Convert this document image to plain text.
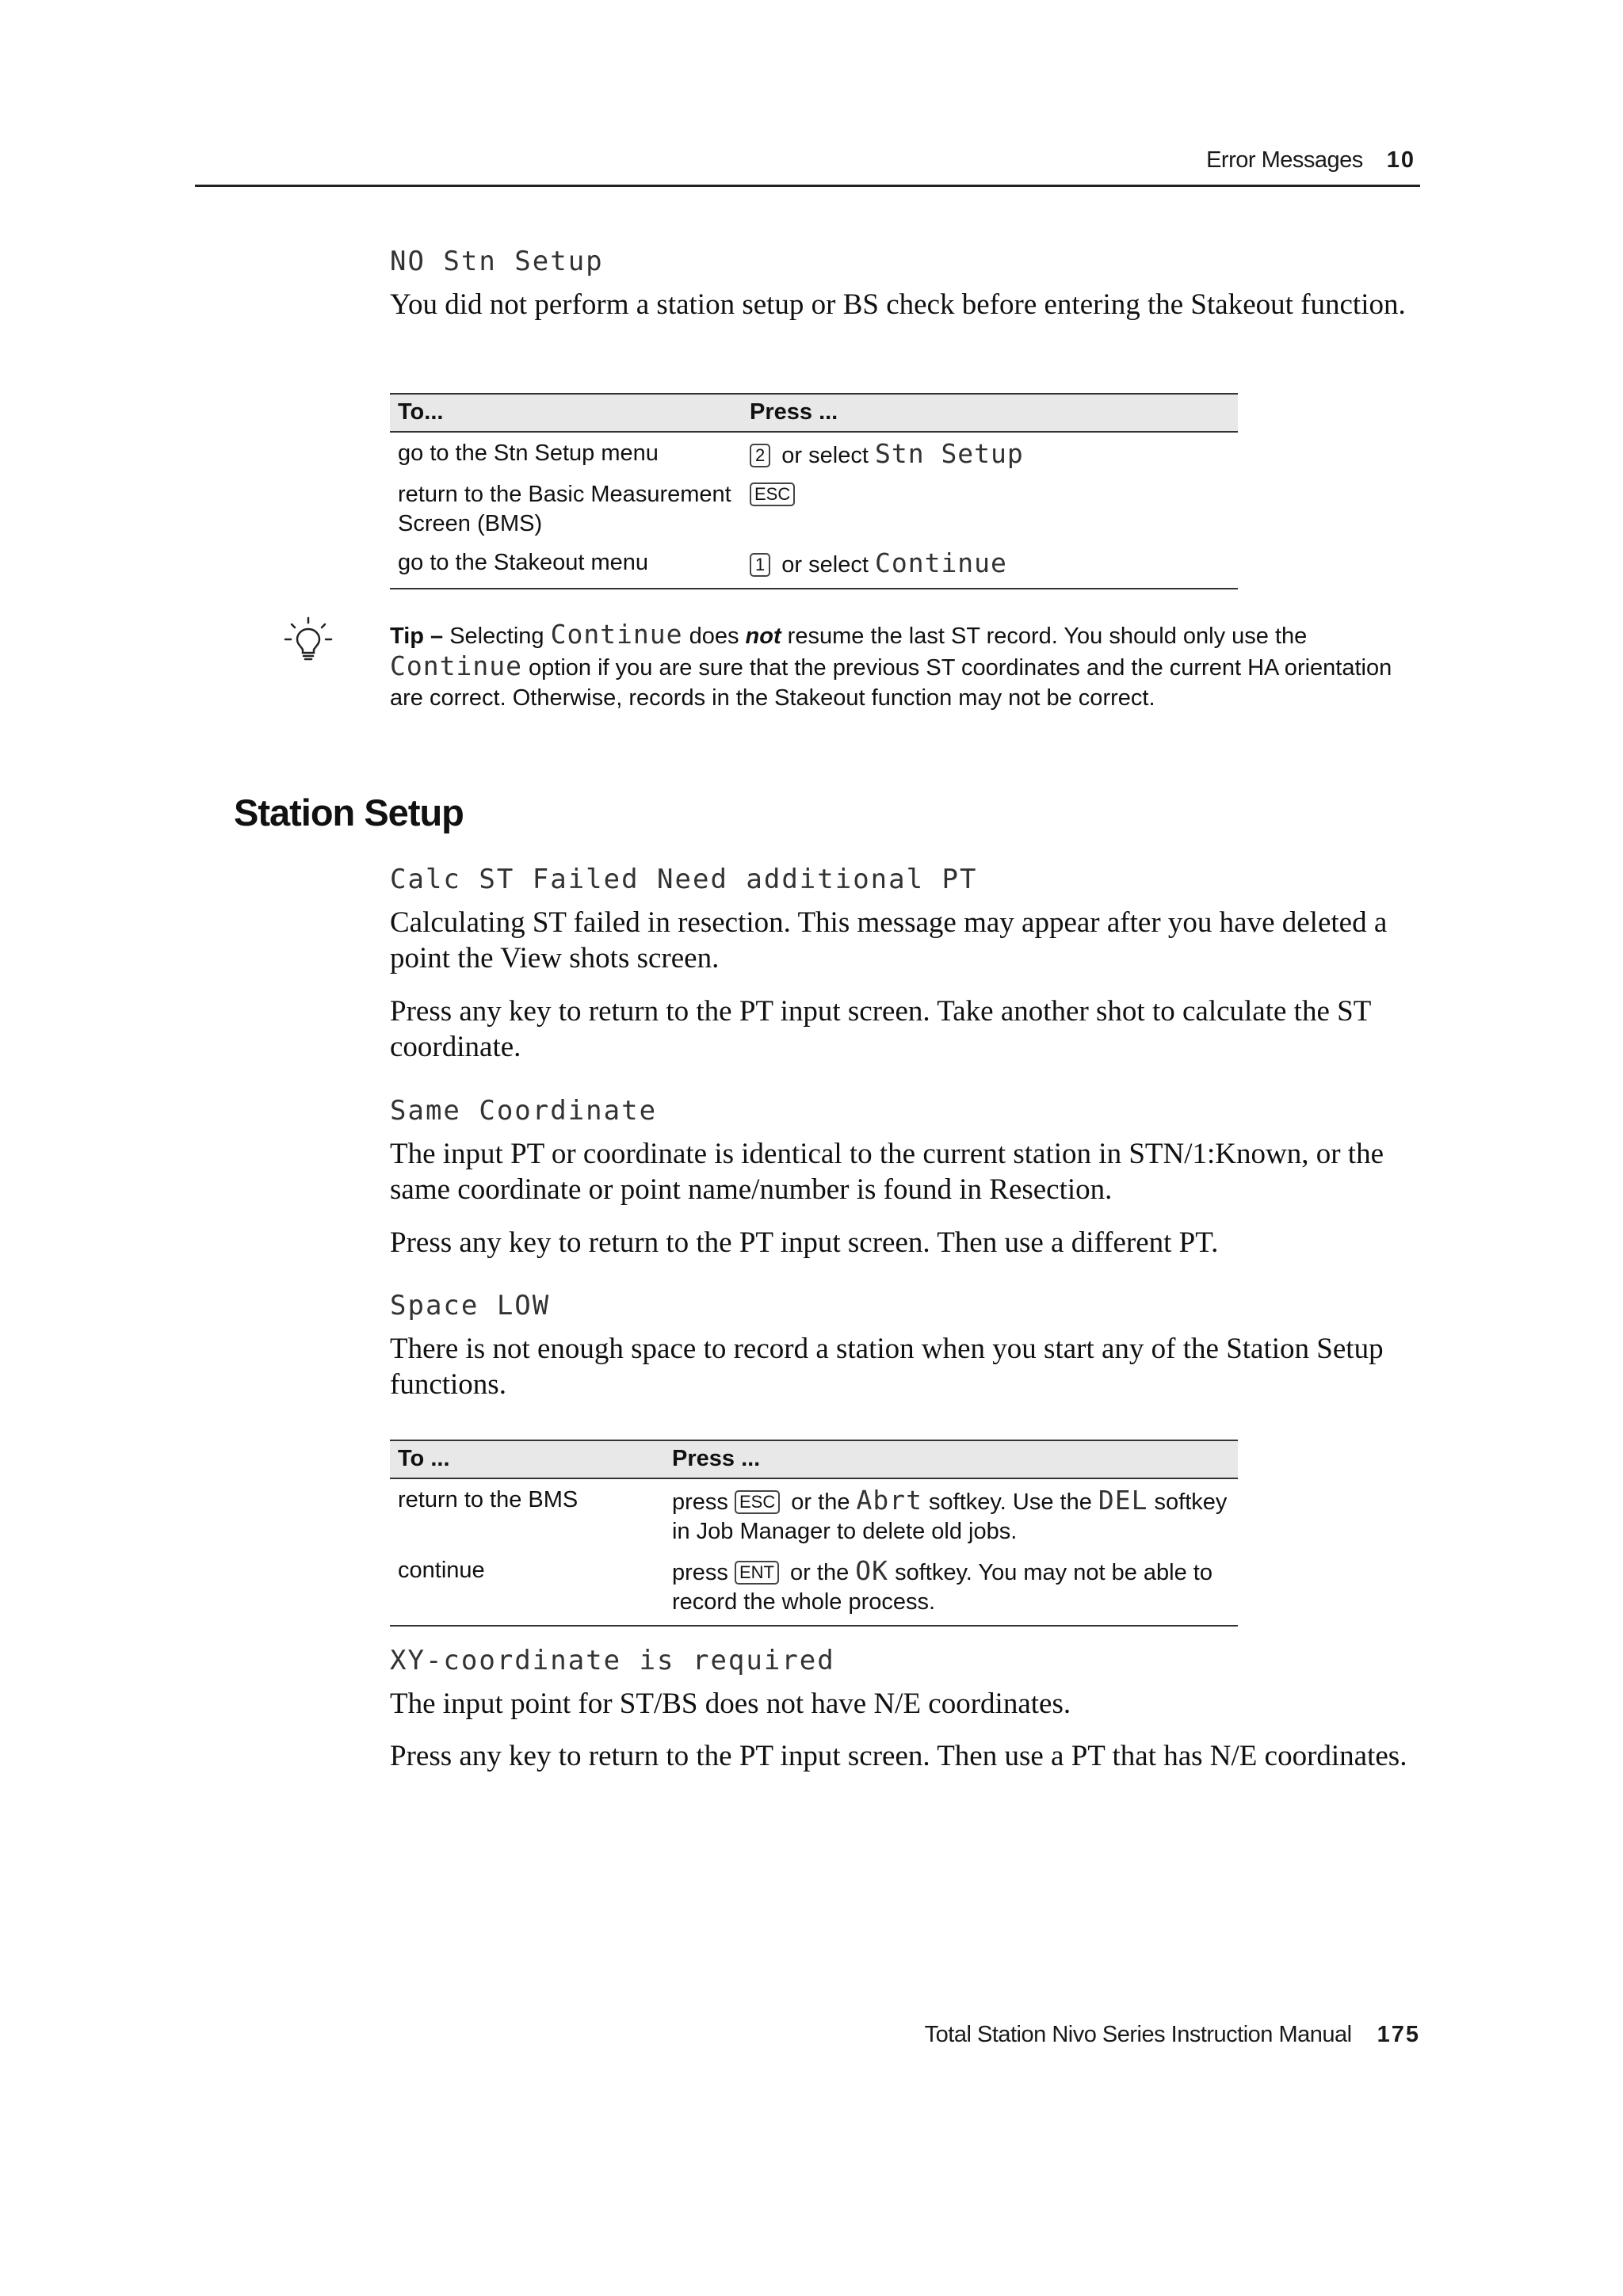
Error Messages 10
NO Stn Setup
You did not perform a station setup or BS check before entering the Stakeout function.
To...	Press ...
go to the Stn Setup menu	2 or select Stn Setup
return to the Basic Measurement Screen (BMS)	ESC
go to the Stakeout menu	1 or select Continue
Tip – Selecting Continue does not resume the last ST record. You should only use the Continue option if you are sure that the previous ST coordinates and the current HA orientation are correct. Otherwise, records in the Stakeout function may not be correct.
Station Setup
Calc ST Failed Need additional PT
Calculating ST failed in resection. This message may appear after you have deleted a point the View shots screen.
Press any key to return to the PT input screen. Take another shot to calculate the ST coordinate.
Same Coordinate
The input PT or coordinate is identical to the current station in STN/1:Known, or the same coordinate or point name/number is found in Resection.
Press any key to return to the PT input screen. Then use a different PT.
Space LOW
There is not enough space to record a station when you start any of the Station Setup functions.
To ...	Press ...
return to the BMS	press ESC or the Abrt softkey. Use the DEL softkey in Job Manager to delete old jobs.
continue	press ENT or the OK softkey. You may not be able to record the whole process.
XY-coordinate is required
The input point for ST/BS does not have N/E coordinates.
Press any key to return to the PT input screen. Then use a PT that has N/E coordinates.
Total Station Nivo Series Instruction Manual 175
